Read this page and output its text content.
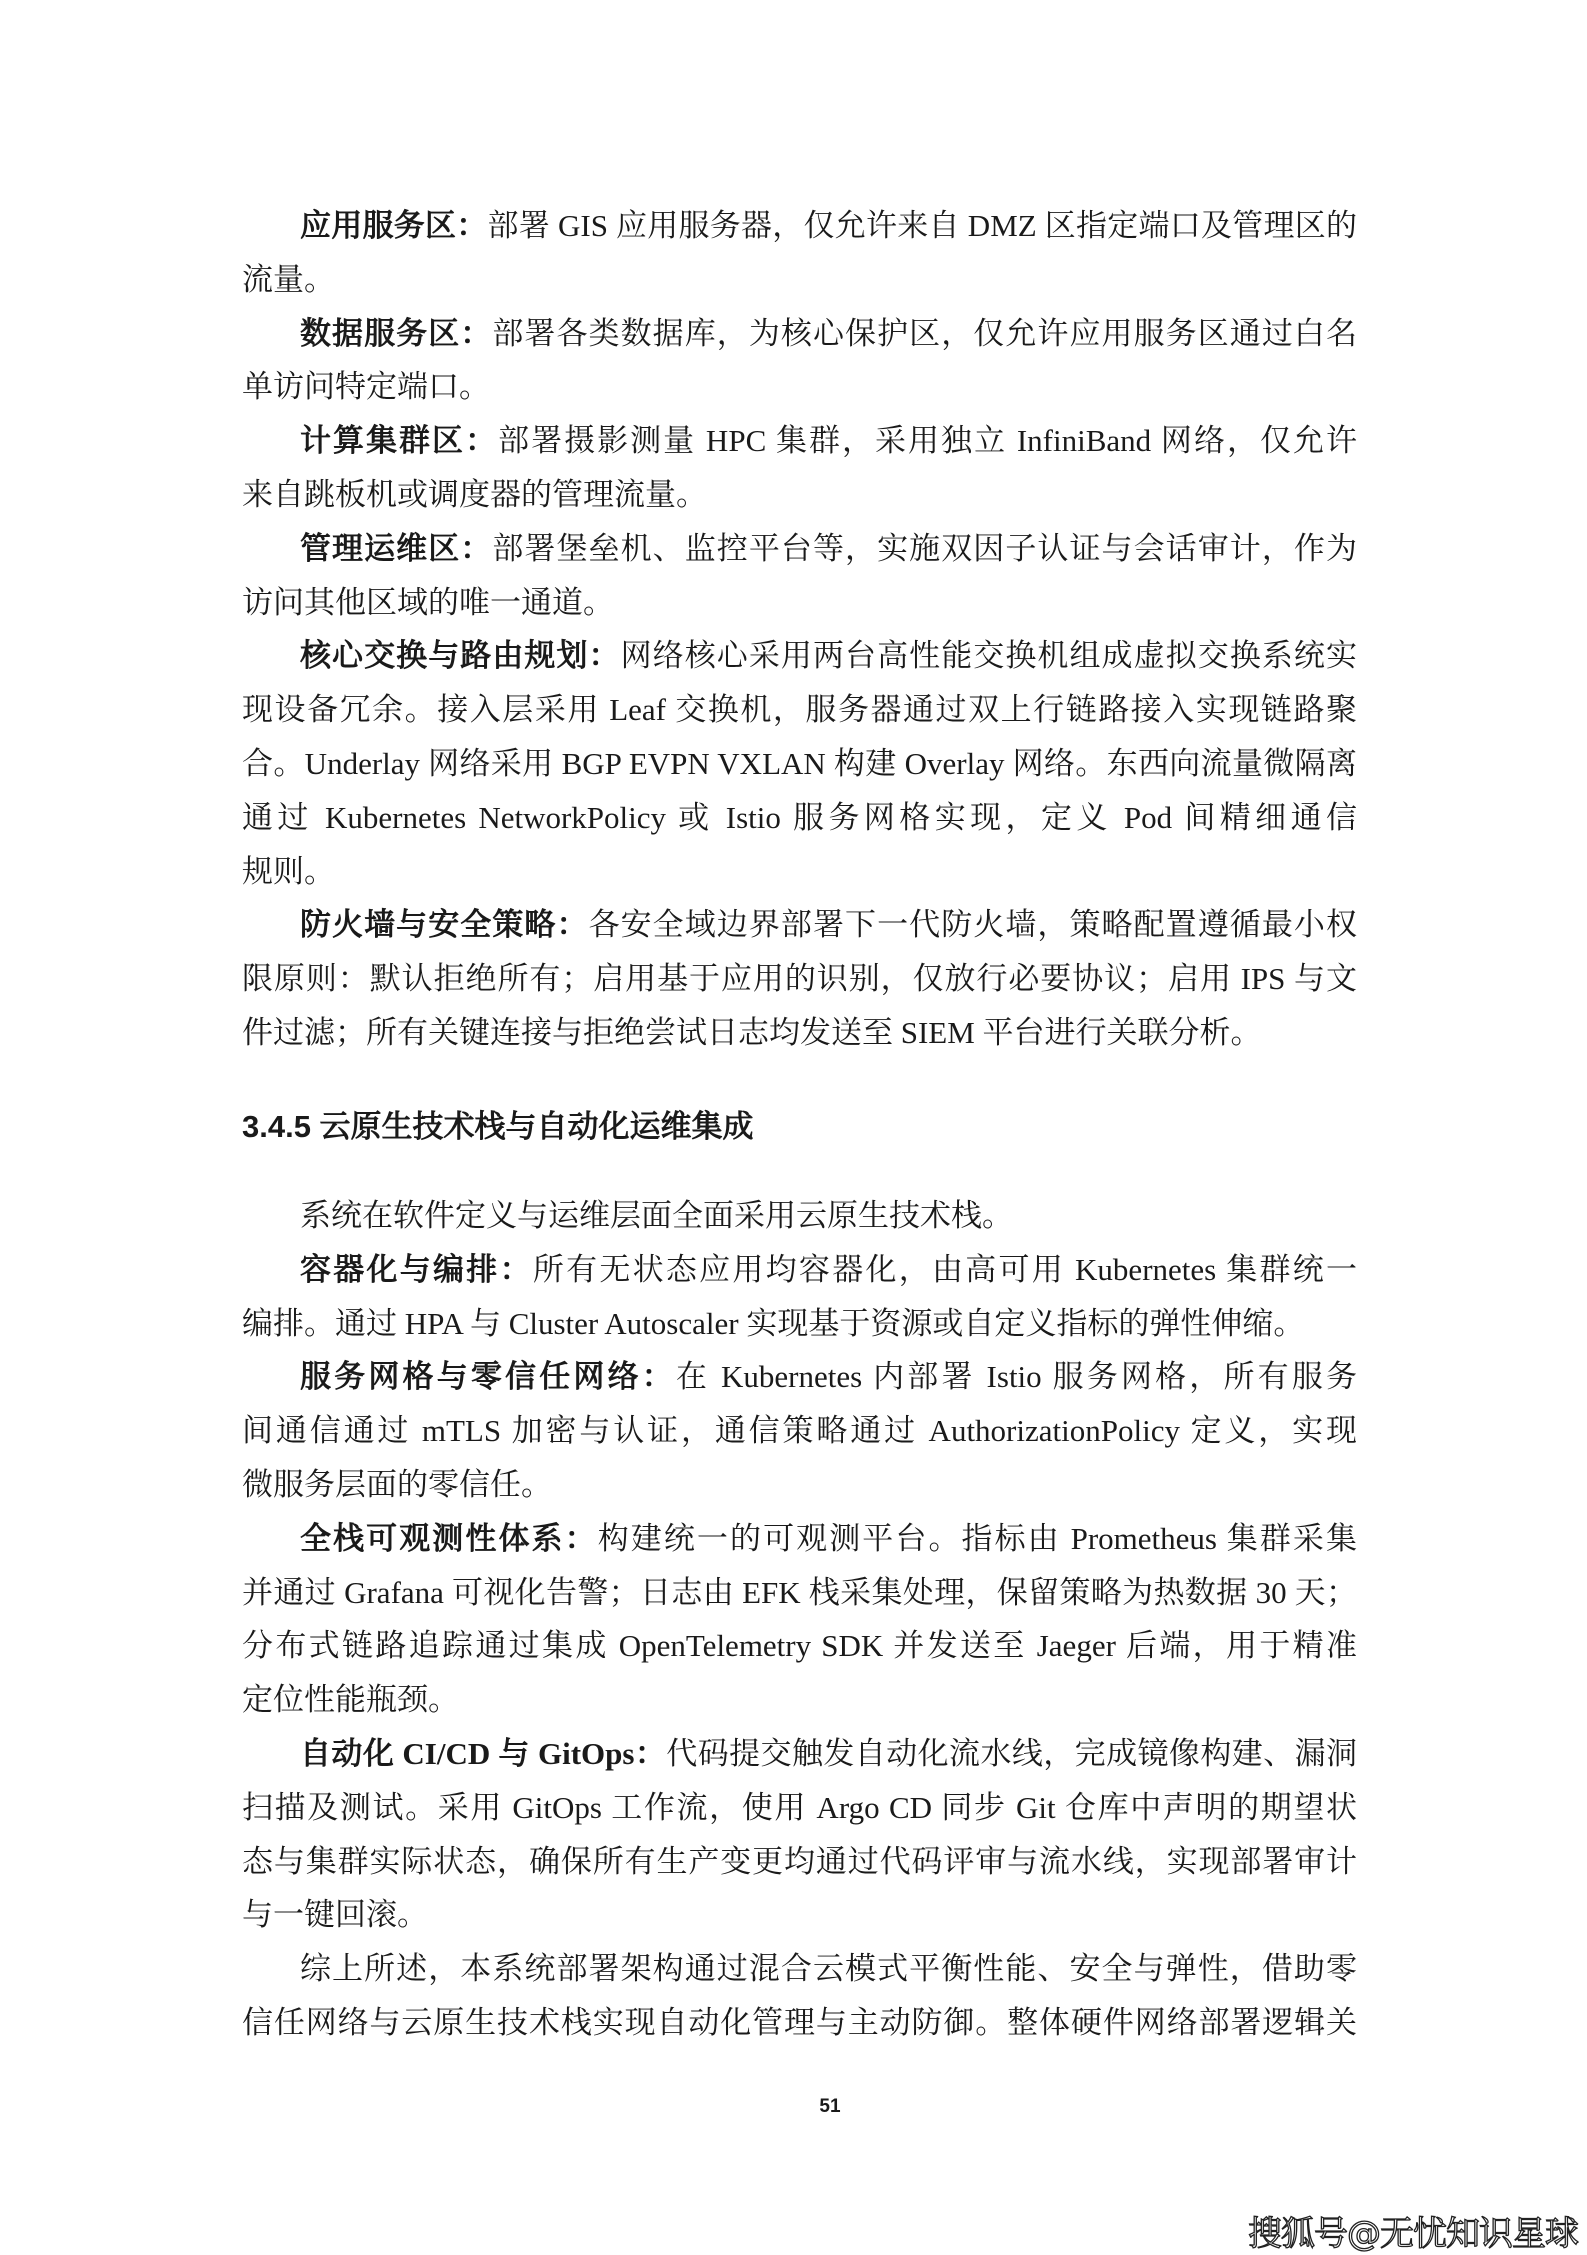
应用服务区：部署 GIS 应用服务器，仅允许来自 DMZ 区指定端口及管理区的
流量。
数据服务区：部署各类数据库，为核心保护区，仅允许应用服务区通过白名
单访问特定端口。
计算集群区：部署摄影测量 HPC 集群，采用独立 InfiniBand 网络，仅允许
来自跳板机或调度器的管理流量。
管理运维区：部署堡垒机、监控平台等，实施双因子认证与会话审计，作为
访问其他区域的唯一通道。
核心交换与路由规划：网络核心采用两台高性能交换机组成虚拟交换系统实
现设备冗余。接入层采用 Leaf 交换机，服务器通过双上行链路接入实现链路聚
合。Underlay 网络采用 BGP EVPN VXLAN 构建 Overlay 网络。东西向流量微隔离
通过 Kubernetes NetworkPolicy 或 Istio 服务网格实现，定义 Pod 间精细通信
规则。
防火墙与安全策略：各安全域边界部署下一代防火墙，策略配置遵循最小权
限原则：默认拒绝所有；启用基于应用的识别，仅放行必要协议；启用 IPS 与文
件过滤；所有关键连接与拒绝尝试日志均发送至 SIEM 平台进行关联分析。
3.4.5 云原生技术栈与自动化运维集成
系统在软件定义与运维层面全面采用云原生技术栈。
容器化与编排：所有无状态应用均容器化，由高可用 Kubernetes 集群统一
编排。通过 HPA 与 Cluster Autoscaler 实现基于资源或自定义指标的弹性伸缩。
服务网格与零信任网络：在 Kubernetes 内部署 Istio 服务网格，所有服务
间通信通过 mTLS 加密与认证，通信策略通过 AuthorizationPolicy 定义，实现
微服务层面的零信任。
全栈可观测性体系：构建统一的可观测平台。指标由 Prometheus 集群采集
并通过 Grafana 可视化告警；日志由 EFK 栈采集处理，保留策略为热数据 30 天；
分布式链路追踪通过集成 OpenTelemetry SDK 并发送至 Jaeger 后端，用于精准
定位性能瓶颈。
自动化 CI/CD 与 GitOps：代码提交触发自动化流水线，完成镜像构建、漏洞
扫描及测试。采用 GitOps 工作流，使用 Argo CD 同步 Git 仓库中声明的期望状
态与集群实际状态，确保所有生产变更均通过代码评审与流水线，实现部署审计
与一键回滚。
综上所述，本系统部署架构通过混合云模式平衡性能、安全与弹性，借助零
信任网络与云原生技术栈实现自动化管理与主动防御。整体硬件网络部署逻辑关
51
搜狐号@无忧知识星球
